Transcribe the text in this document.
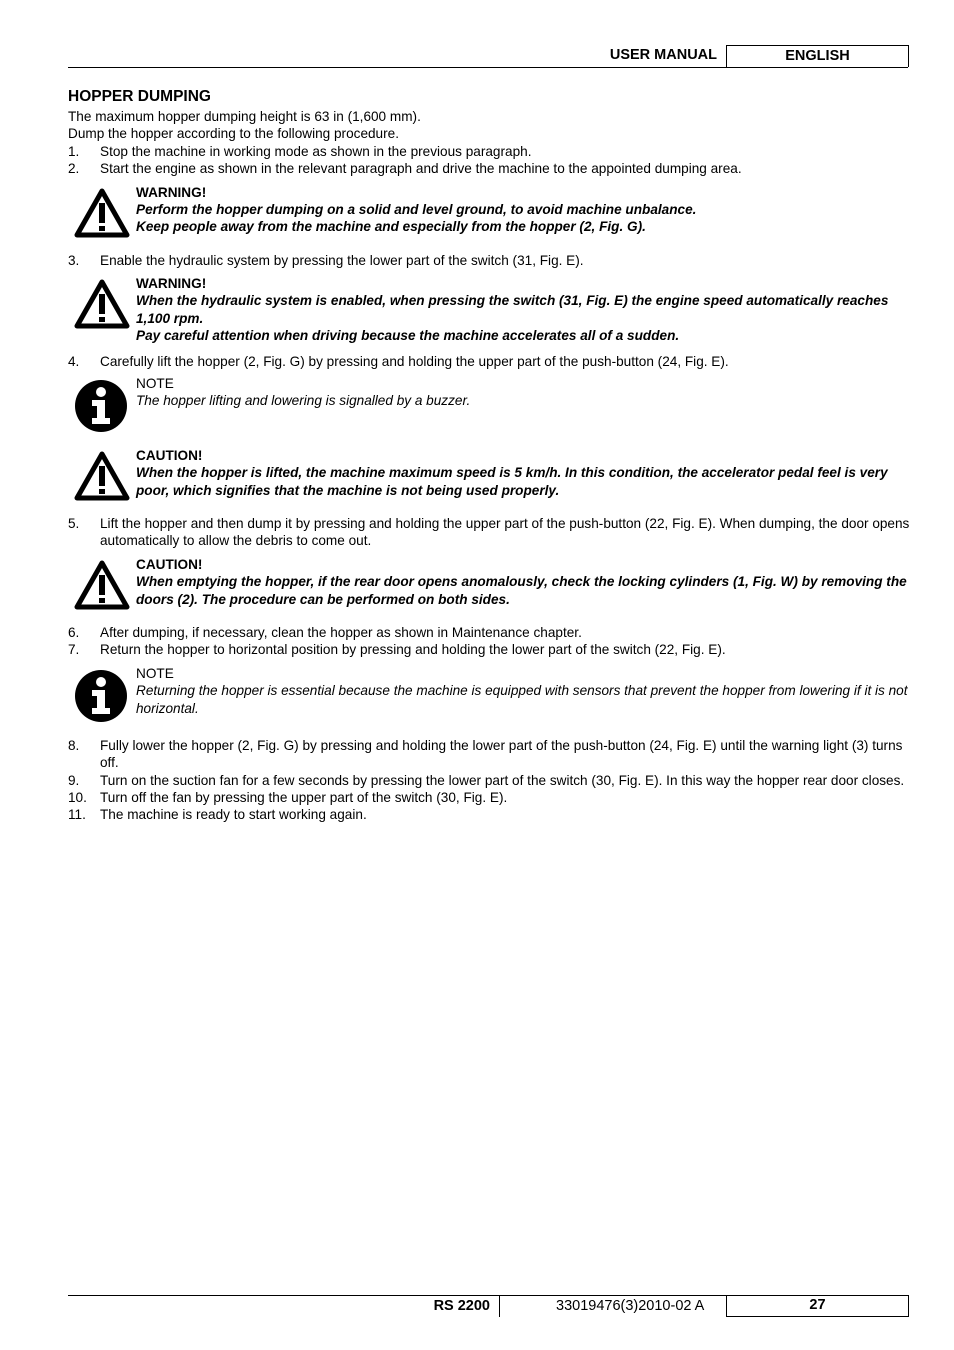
USER MANUAL	ENGLISH
HOPPER DUMPING

The maximum hopper dumping height is 63 in (1,600 mm).

Dump the hopper according to the following procedure.

1.	Stop the machine in working mode as shown in the previous paragraph.
2.	Start the engine as shown in the relevant paragraph and drive the machine to the appointed dumping area.
WARNING!
Perform the hopper dumping on a solid and level ground, to avoid machine unbalance.
Keep people away from the machine and especially from the hopper (2, Fig. G).
3.	Enable the hydraulic system by pressing the lower part of the switch (31, Fig. E).
WARNING!
When the hydraulic system is enabled, when pressing the switch (31, Fig. E) the engine speed automatically reaches 1,100 rpm.
Pay careful attention when driving because the machine accelerates all of a sudden.
4.	Carefully lift the hopper (2, Fig. G) by pressing and holding the upper part of the push-button (24, Fig. E).
NOTE
The hopper lifting and lowering is signalled by a buzzer.
CAUTION!
When the hopper is lifted, the machine maximum speed is 5 km/h. In this condition, the accelerator pedal feel is very poor, which signifies that the machine is not being used properly.
5.	Lift the hopper and then dump it by pressing and holding the upper part of the push-button (22, Fig. E). When dumping, the door opens automatically to allow the debris to come out.
CAUTION!
When emptying the hopper, if the rear door opens anomalously, check the locking cylinders (1, Fig. W) by removing the doors (2). The procedure can be performed on both sides.
6.	After dumping, if necessary, clean the hopper as shown in Maintenance chapter.
7.	Return the hopper to horizontal position by pressing and holding the lower part of the switch (22, Fig. E).
NOTE
Returning the hopper is essential because the machine is equipped with sensors that prevent the hopper from lowering if it is not horizontal.
8.	Fully lower the hopper (2, Fig. G) by pressing and holding the lower part of the push-button (24, Fig. E) until the warning light (3) turns off.
9.	Turn on the suction fan for a few seconds by pressing the lower part of the switch (30, Fig. E). In this way the hopper rear door closes.
10. Turn off the fan by pressing the upper part of the switch (30, Fig. E).
11.	The machine is ready to start working again.
RS 2200	33019476(3)2010-02 A	27
